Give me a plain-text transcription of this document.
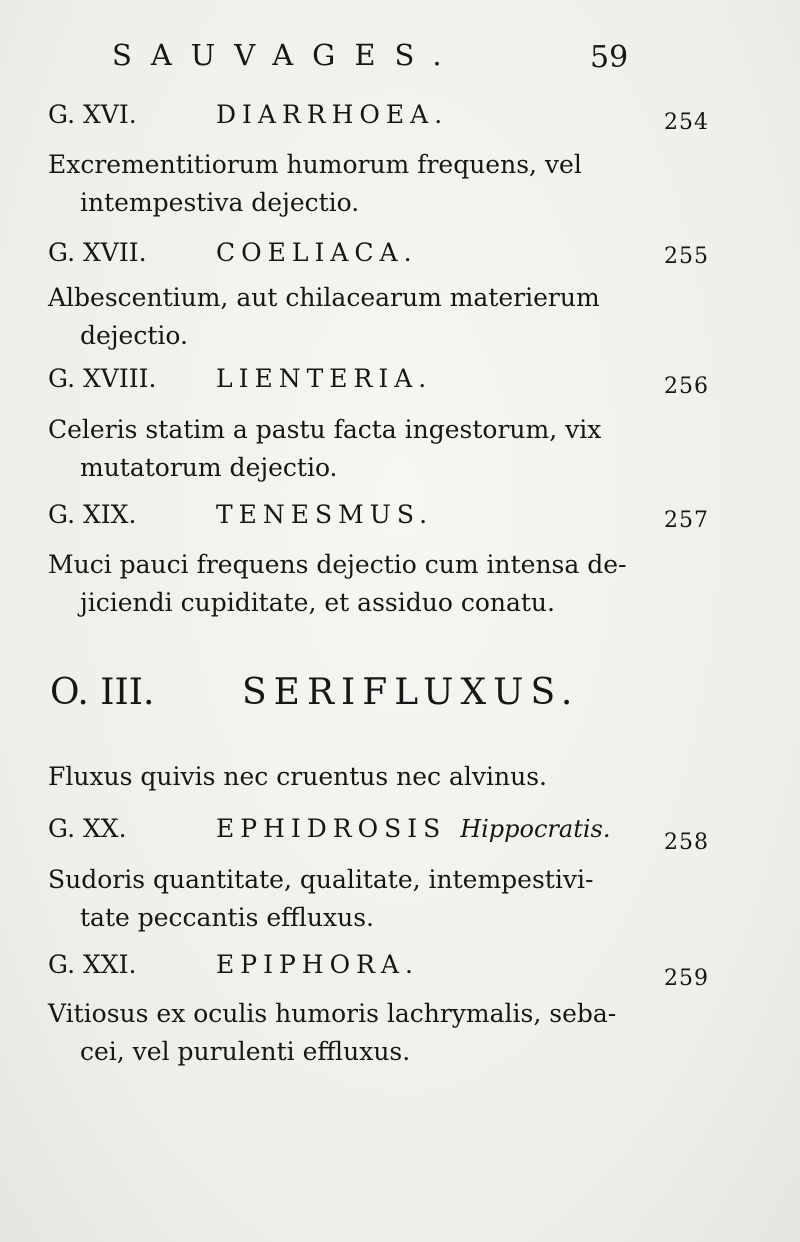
SAUVAGES.	59
G. XVI.	DIARRHOEA.	254
Excrementitiorum humorum frequens, vel
intempestiva dejectio.
G. XVII.	COELIACA.	255
Albescentium, aut chilacearum materierum
dejectio.
G. XVIII. LIENTERIA.	256
Celeris statim a pastu facta ingestorum, vix
mutatorum dejectio.
G. XIX.	TENESMUS.	257
Muci pauci frequens dejectio cum intensa de-
jiciendi cupiditate, et assiduo conatu.
O. III. SERIFLUXUS.
Fluxus quivis nec cruentus nec alvinus.
G. XX.	EPHIDROSIS Hippocratis. 258
Sudoris quantitate, qualitate, intempestivi-
tate peccantis effluxus.
G. XXI.	EPIPHORA.	259
Vitiosus ex oculis humoris lachrymalis, seba-
cei, vel purulenti effluxus.
